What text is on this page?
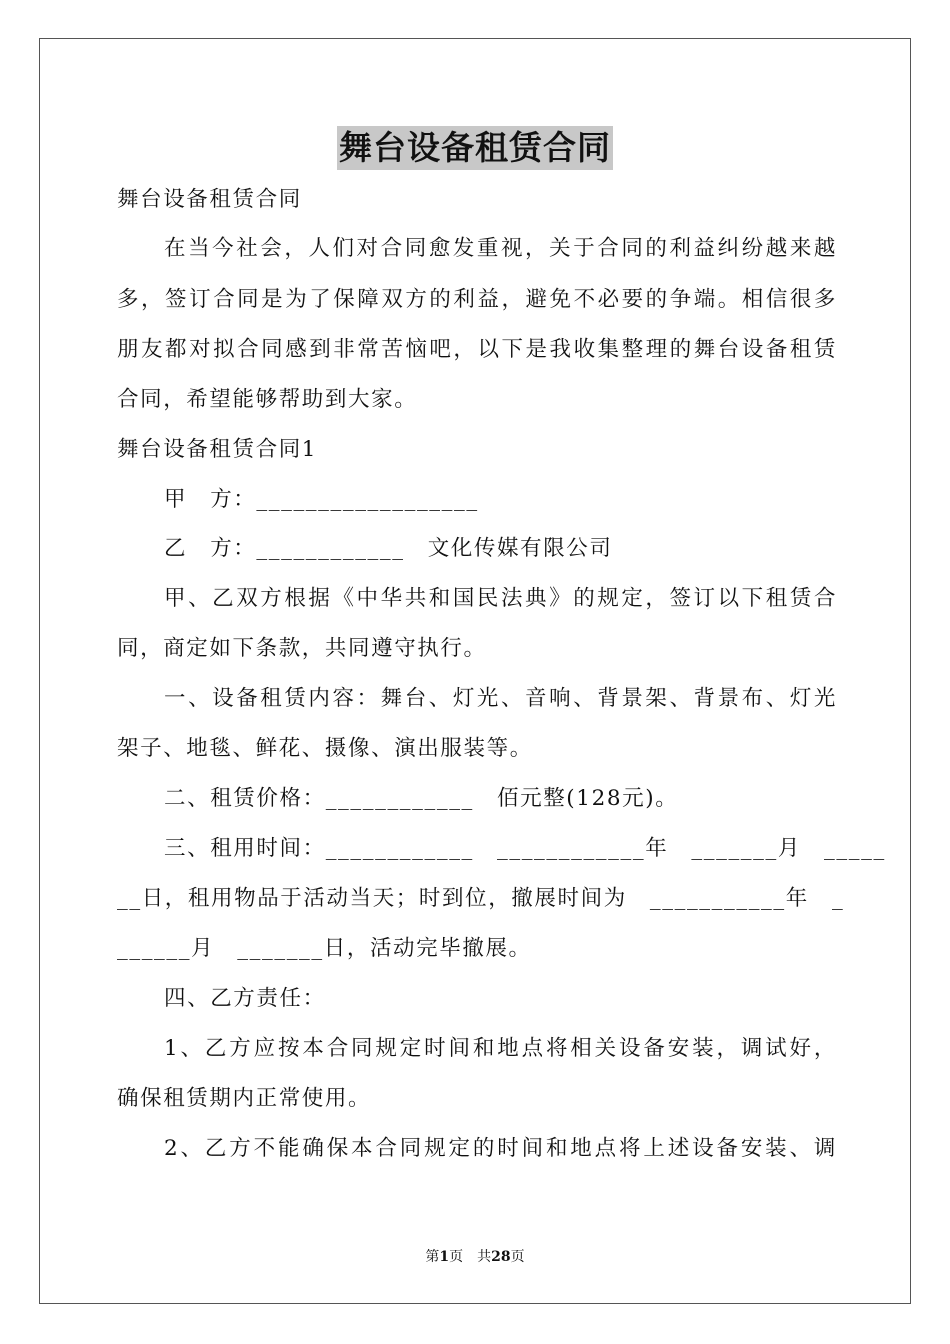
舞台设备租赁合同
舞台设备租赁合同
在当今社会，人们对合同愈发重视，关于合同的利益纠纷越来越
多，签订合同是为了保障双方的利益，避免不必要的争端。相信很多
朋友都对拟合同感到非常苦恼吧，以下是我收集整理的舞台设备租赁
合同，希望能够帮助到大家。
舞台设备租赁合同1
甲　方：__________________
乙　方：____________　文化传媒有限公司
甲、乙双方根据《中华共和国民法典》的规定，签订以下租赁合
同，商定如下条款，共同遵守执行。
一、设备租赁内容：舞台、灯光、音响、背景架、背景布、灯光
架子、地毯、鲜花、摄像、演出服装等。
二、租赁价格：____________　佰元整(128元)。
三、租用时间：____________　____________年　_______月　_____
__日，租用物品于活动当天；时到位，撤展时间为　___________年　_
______月　_______日，活动完毕撤展。
四、乙方责任：
1、乙方应按本合同规定时间和地点将相关设备安装，调试好，
确保租赁期内正常使用。
2、乙方不能确保本合同规定的时间和地点将上述设备安装、调
第1页　共28页
